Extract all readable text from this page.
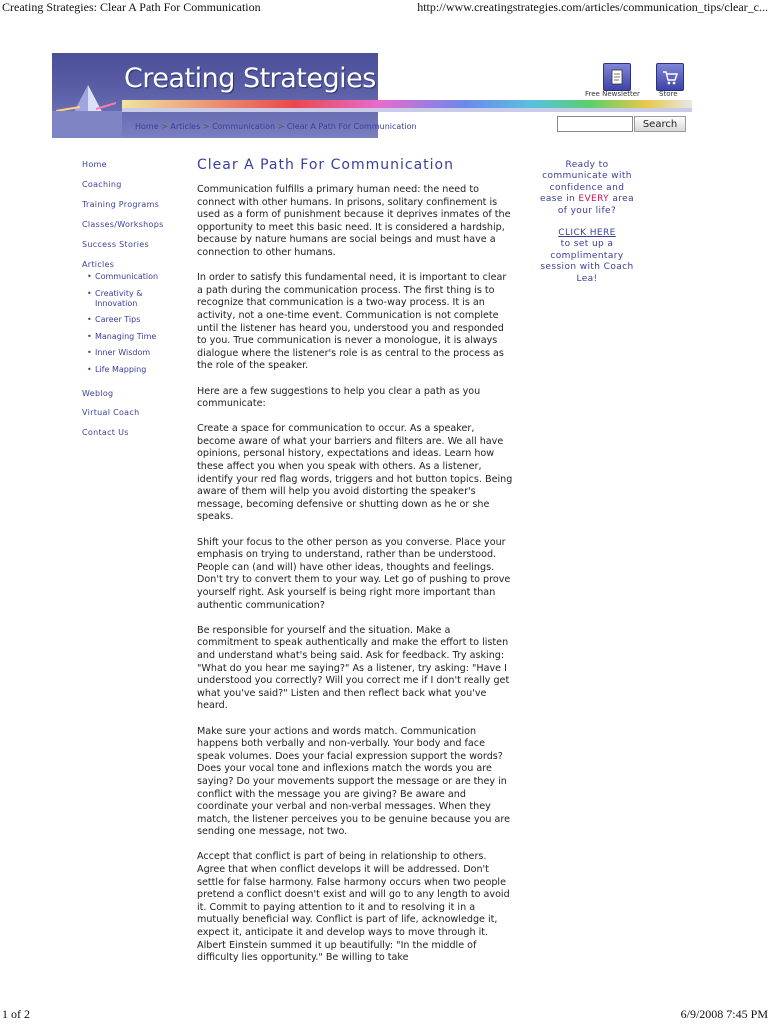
Creating Strategies: Clear A Path For Communication	http://www.creatingstrategies.com/articles/communication_tips/clear_c...
Creating Strategies
Home > Articles > Communication > Clear A Path For Communication
Free Newsletter	Store
Search
Home
Coaching
Training Programs
Classes/Workshops
Success Stories
Articles
• Communication
• Creativity &
Innovation
• Career Tips
• Managing Time
• Inner Wisdom
• Life Mapping
Weblog
Virtual Coach
Contact Us
Clear A Path For Communication

Communication fulfills a primary human need: the need to connect with other humans. In prisons, solitary confinement is used as a form of punishment because it deprives inmates of the opportunity to meet this basic need. It is considered a hardship, because by nature humans are social beings and must have a connection to other humans.

In order to satisfy this fundamental need, it is important to clear a path during the communication process. The first thing is to recognize that communication is a two-way process. It is an activity, not a one-time event. Communication is not complete until the listener has heard you, understood you and responded to you. True communication is never a monologue, it is always dialogue where the listener's role is as central to the process as the role of the speaker.

Here are a few suggestions to help you clear a path as you communicate:

Create a space for communication to occur. As a speaker, become aware of what your barriers and filters are. We all have opinions, personal history, expectations and ideas. Learn how these affect you when you speak with others. As a listener, identify your red flag words, triggers and hot button topics. Being aware of them will help you avoid distorting the speaker's message, becoming defensive or shutting down as he or she speaks.

Shift your focus to the other person as you converse. Place your emphasis on trying to understand, rather than be understood. People can (and will) have other ideas, thoughts and feelings. Don't try to convert them to your way. Let go of pushing to prove yourself right. Ask yourself is being right more important than authentic communication?

Be responsible for yourself and the situation. Make a commitment to speak authentically and make the effort to listen and understand what's being said. Ask for feedback. Try asking: "What do you hear me saying?" As a listener, try asking: "Have I understood you correctly? Will you correct me if I don't really get what you've said?" Listen and then reflect back what you've heard.

Make sure your actions and words match. Communication happens both verbally and non-verbally. Your body and face speak volumes. Does your facial expression support the words? Does your vocal tone and inflexions match the words you are saying? Do your movements support the message or are they in conflict with the message you are giving? Be aware and coordinate your verbal and non-verbal messages. When they match, the listener perceives you to be genuine because you are sending one message, not two.

Accept that conflict is part of being in relationship to others. Agree that when conflict develops it will be addressed. Don't settle for false harmony. False harmony occurs when two people pretend a conflict doesn't exist and will go to any length to avoid it. Commit to paying attention to it and to resolving it in a mutually beneficial way. Conflict is part of life, acknowledge it, expect it, anticipate it and develop ways to move through it. Albert Einstein summed it up beautifully: "In the middle of difficulty lies opportunity." Be willing to take

Ready to communicate with confidence and ease in EVERY area of your life?
CLICK HERE
to set up a complimentary session with Coach Lea!
1 of 2	6/9/2008 7:45 PM
